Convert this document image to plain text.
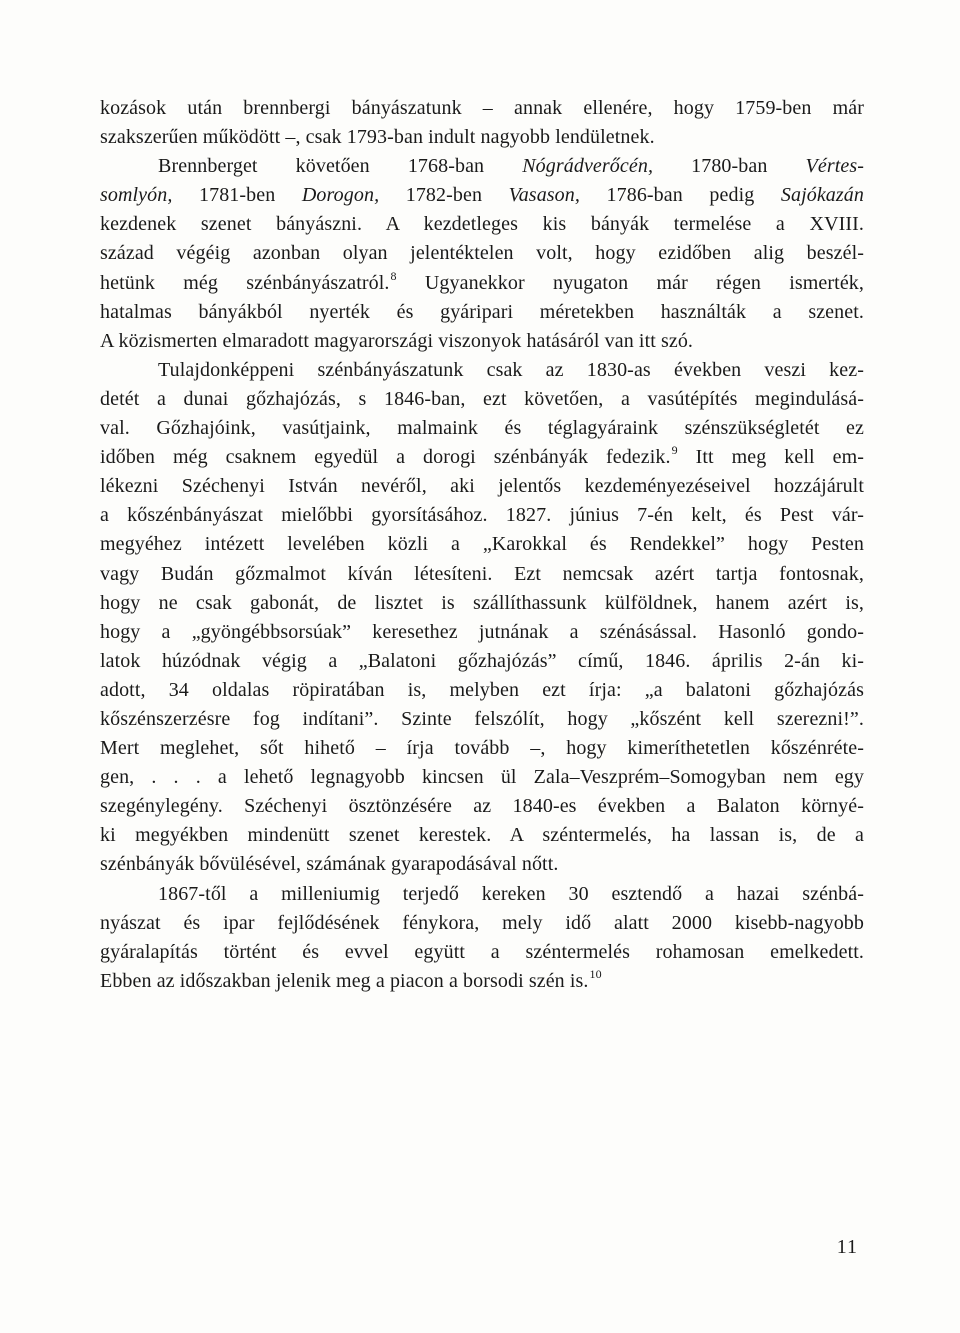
kozások után brennbergi bányászatunk – annak ellenére, hogy 1759-ben már
szakszerűen működött –, csak 1793-ban indult nagyobb lendületnek.
Brennberget követően 1768-ban Nógrádverőcén, 1780-ban Vértes-
somlyón, 1781-ben Dorogon, 1782-ben Vasason, 1786-ban pedig Sajókazán
kezdenek szenet bányászni. A kezdetleges kis bányák termelése a XVIII.
század végéig azonban olyan jelentéktelen volt, hogy ezidőben alig beszél-
hetünk még szénbányászatról.$^8$ Ugyanekkor nyugaton már régen ismerték,
hatalmas bányákból nyerték és gyáripari méretekben használták a szenet.
A közismerten elmaradott magyarországi viszonyok hatásáról van itt szó.
Tulajdonképpeni szénbányászatunk csak az 1830-as években veszi kez-
detét a dunai gőzhajózás, s 1846-ban, ezt követően, a vasútépítés megindulásá-
val. Gőzhajóink, vasútjaink, malmaink és téglagyáraink szénszükségletét ez
időben még csaknem egyedül a dorogi szénbányák fedezik.$^9$ Itt meg kell em-
lékezni Széchenyi István nevéről, aki jelentős kezdeményezéseivel hozzájárult
a kőszénbányászat mielőbbi gyorsításához. 1827. június 7-én kelt, és Pest vár-
megyéhez intézett levelében közli a „Karokkal és Rendekkel” hogy Pesten
vagy Budán gőzmalmot kíván létesíteni. Ezt nemcsak azért tartja fontosnak,
hogy ne csak gabonát, de lisztet is szállíthassunk külföldnek, hanem azért is,
hogy a „gyöngébbsorsúak” keresethez jutnának a szénásással. Hasonló gondo-
latok húzódnak végig a „Balatoni gőzhajózás” című, 1846. április 2-án ki-
adott, 34 oldalas röpiratában is, melyben ezt írja: „a balatoni gőzhajózás
kőszénszerzésre fog indítani”. Szinte felszólít, hogy „kőszént kell szerezni!”.
Mert meglehet, sőt hihető – írja tovább –, hogy kimeríthetetlen kőszénréte-
gen, . . . a lehető legnagyobb kincsen ül Zala–Veszprém–Somogyban nem egy
szegénylegény. Széchenyi ösztönzésére az 1840-es években a Balaton környé-
ki megyékben mindenütt szenet kerestek. A széntermelés, ha lassan is, de a
szénbányák bővülésével, számának gyarapodásával nőtt.
1867-től a milleniumig terjedő kereken 30 esztendő a hazai szénbá-
nyászat és ipar fejlődésének fénykora, mely idő alatt 2000 kisebb-nagyobb
gyáralapítás történt és evvel együtt a széntermelés rohamosan emelkedett.
Ebben az időszakban jelenik meg a piacon a borsodi szén is.$^{10}$
11
